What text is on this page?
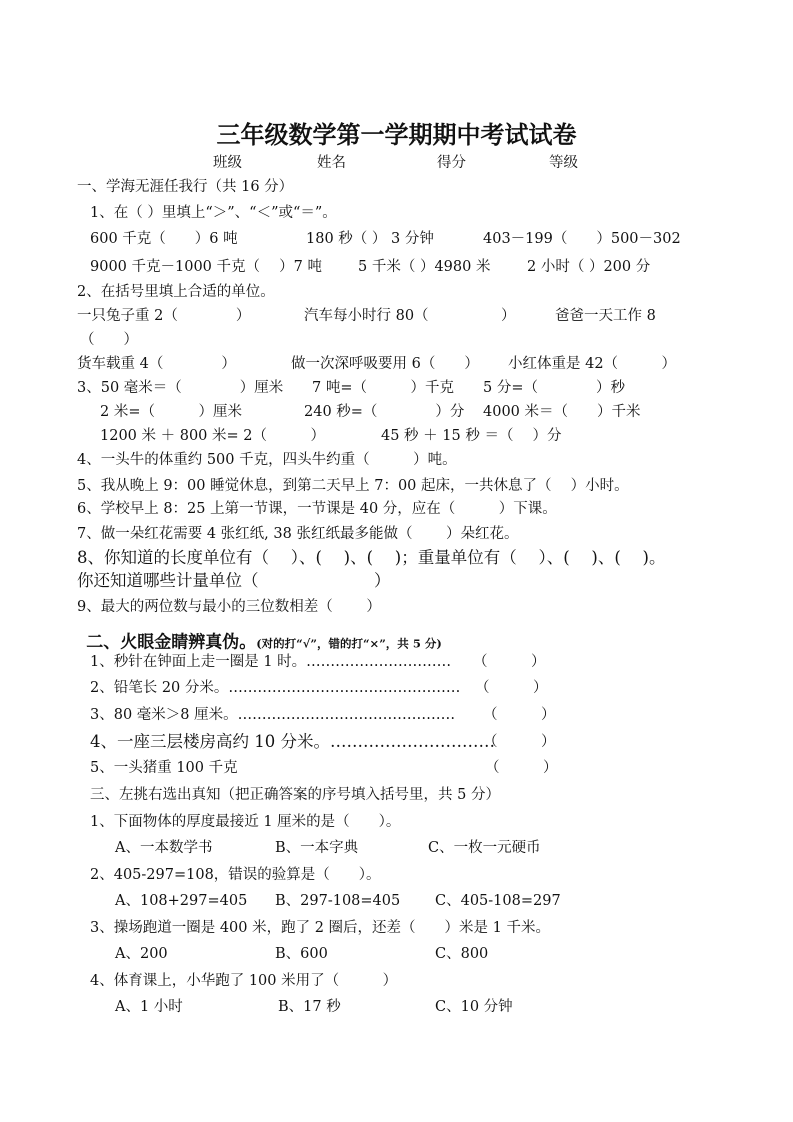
三年级数学第一学期期中考试试卷
班级	姓名	得分	等级
一、学海无涯任我行（共 16 分）
1、在（ ）里填上“＞”、“＜”或“＝”。
600 千克（　　）6 吨	180 秒（ ） 3 分钟	403－199（　　）500－302
9000 千克－1000 千克（　 ）7 吨 5 千米（ ）4980 米	2 小时（ ）200 分
2、在括号里填上合适的单位。
一只兔子重 2（　　　　）	汽车每小时行 80（　　　　　）	爸爸一天工作 8
（　　）
货车载重 4（　　　　）	做一次深呼吸要用 6（　　） 小红体重是 42（　　　）
3、50 毫米＝（　　　　）厘米 7 吨=（　　　）千克 5 分=（　　　　）秒
2 米=（　　　）厘米	240 秒=（　　　　）分 4000 米＝（　　）千米
1200 米 ＋ 800 米= 2（　　　）	45 秒 ＋ 15 秒 ＝（　 ）分
4、一头牛的体重约 500 千克，四头牛约重（　　　）吨。
5、我从晚上 9：00 睡觉休息，到第二天早上 7：00 起床，一共休息了（　 ）小时。
6、学校早上 8：25 上第一节课，一节课是 40 分，应在（　　　）下课。
7、做一朵红花需要 4 张红纸, 38 张红纸最多能做（　　 ）朵红花。
8、你知道的长度单位有（　 ）、(　 )、(　 )；重量单位有（　 ）、(　 )、(　 )。
你还知道哪些计量单位（　　　　　　　）
9、最大的两位数与最小的三位数相差（　　 ）

二、火眼金睛辨真伪。(对的打“√”，错的打“×”，共 5 分)

1、秒针在钟面上走一圈是 1 时。………………………… （　　　）
2、铅笔长 20 分米。………………………………………… （　　　）
3、80 毫米＞8 厘米。……………………………………… （　　　）
4、一座三层楼房高约 10 分米。…………………………
（　　　）
5、一头猪重 100 千克	（　　　）
三、左挑右选出真知（把正确答案的序号填入括号里，共 5 分）
1、下面物体的厚度最接近 1 厘米的是（　　）。
A、一本数学书	B、一本字典	C、一枚一元硬币
2、405-297=108，错误的验算是（　　）。
A、108+297=405 B、297-108=405 C、405-108=297
3、操场跑道一圈是 400 米，跑了 2 圈后，还差（　　）米是 1 千米。
A、200	B、600	C、800
4、体育课上，小华跑了 100 米用了（　　　）
A、1 小时	B、17 秒	C、10 分钟
